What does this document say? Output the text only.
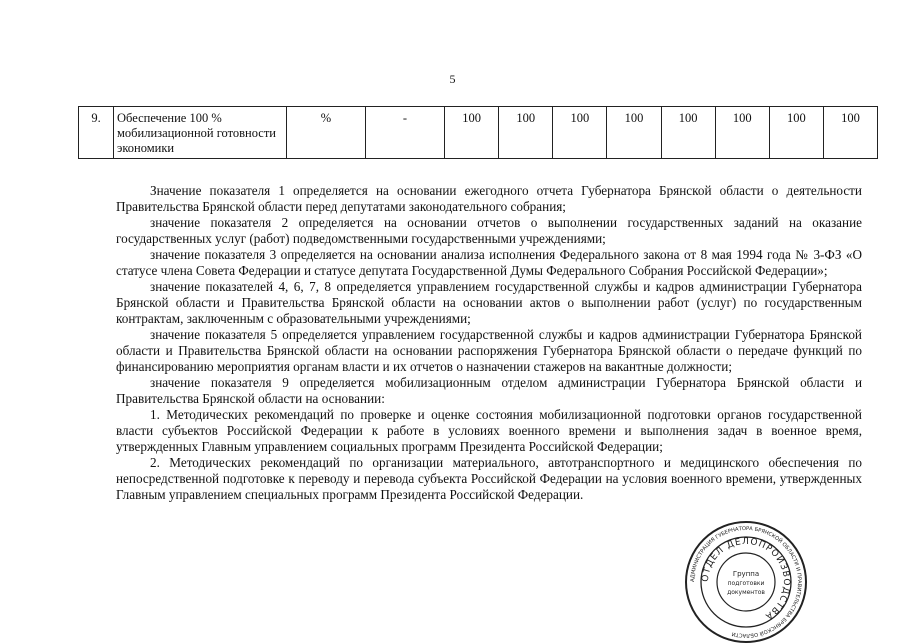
5
9.	Обеспечение 100 % мобилизационной готовности экономики	%	-	100	100	100	100	100	100	100	100

Значение показателя 1 определяется на основании ежегодного отчета Губернатора Брянской области о деятельности Правительства Брянской области перед депутатами законодательного собрания;

значение показателя 2 определяется на основании отчетов о выполнении государственных заданий на оказание государственных услуг (работ) подведомственными государственными учреждениями;

значение показателя 3 определяется на основании анализа исполнения Федерального закона от 8 мая 1994 года № 3-ФЗ «О статусе члена Совета Федерации и статусе депутата Государственной Думы Федерального Собрания Российской Федерации»;

значение показателей 4, 6, 7, 8 определяется управлением государственной службы и кадров администрации Губернатора Брянской области и Правительства Брянской области на основании актов о выполнении работ (услуг) по государственным контрактам, заключенным с образовательными учреждениями;

значение показателя 5 определяется управлением государственной службы и кадров администрации Губернатора Брянской области и Правительства Брянской области на основании распоряжения Губернатора Брянской области о передаче функций по финансированию мероприятия органам власти и их отчетов о назначении стажеров на вакантные должности;

значение показателя 9 определяется мобилизационным отделом администрации Губернатора Брянской области и Правительства Брянской области на основании:

1. Методических рекомендаций по проверке и оценке состояния мобилизационной подготовки органов государственной власти субъектов Российской Федерации к работе в условиях военного времени и выполнения задач в военное время, утвержденных Главным управлением социальных программ Президента Российской Федерации;

2. Методических рекомендаций по организации материального, автотранспортного и медицинского обеспечения по непосредственной подготовке к переводу и перевода субъекта Российской Федерации на условия военного времени, утвержденных Главным управлением специальных программ Президента Российской Федерации.

АДМИНИСТРАЦИЯ ГУБЕРНАТОРА БРЯНСКОЙ ОБЛАСТИ И ПРАВИТЕЛЬСТВА БРЯНСКОЙ ОБЛАСТИ
ОТДЕЛ ДЕЛОПРОИЗВОДСТВА
Группа
подготовки
документов
